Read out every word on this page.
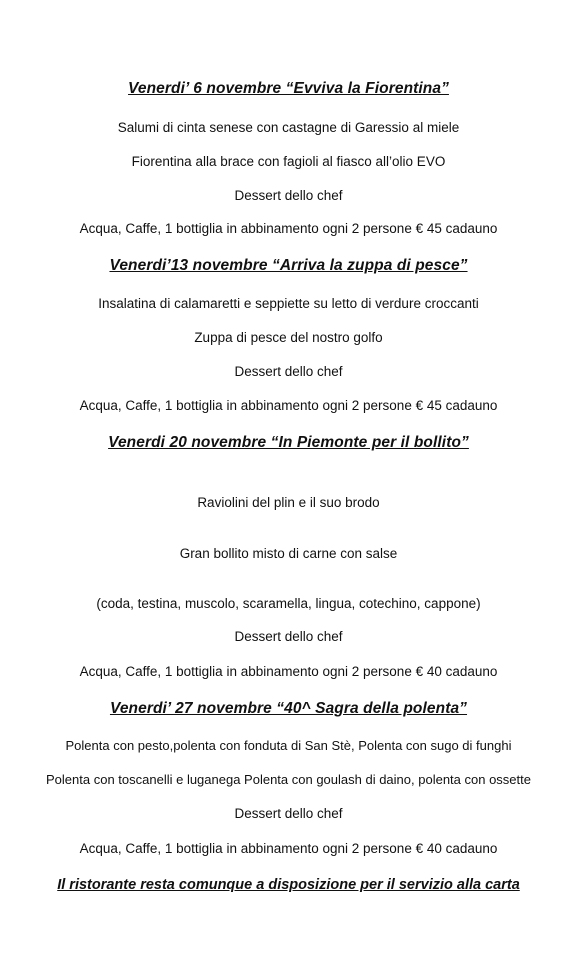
Venerdi’ 6 novembre “Evviva la Fiorentina”
Salumi di cinta senese con castagne di Garessio al miele
Fiorentina alla brace con fagioli al fiasco all’olio EVO
Dessert dello chef
Acqua, Caffe, 1 bottiglia in abbinamento ogni 2 persone € 45 cadauno
Venerdi’13 novembre “Arriva la zuppa di pesce”
Insalatina di calamaretti e seppiette su letto di verdure croccanti
Zuppa di pesce del nostro golfo
Dessert dello chef
Acqua, Caffe, 1 bottiglia in abbinamento ogni 2 persone € 45 cadauno
Venerdi 20 novembre “In Piemonte per il bollito”
Raviolini del plin e il suo brodo
Gran bollito misto di carne con salse
(coda, testina, muscolo, scaramella, lingua, cotechino, cappone)
Dessert dello chef
Acqua, Caffe, 1 bottiglia in abbinamento ogni 2 persone € 40 cadauno
Venerdi’ 27 novembre “40^ Sagra della polenta”
Polenta con pesto,polenta con fonduta di San Stè, Polenta con sugo di funghi
Polenta con toscanelli e luganega Polenta con goulash di daino, polenta con ossette
Dessert dello chef
Acqua, Caffe, 1 bottiglia in abbinamento ogni 2 persone € 40 cadauno
Il ristorante resta comunque a disposizione per il servizio alla carta
